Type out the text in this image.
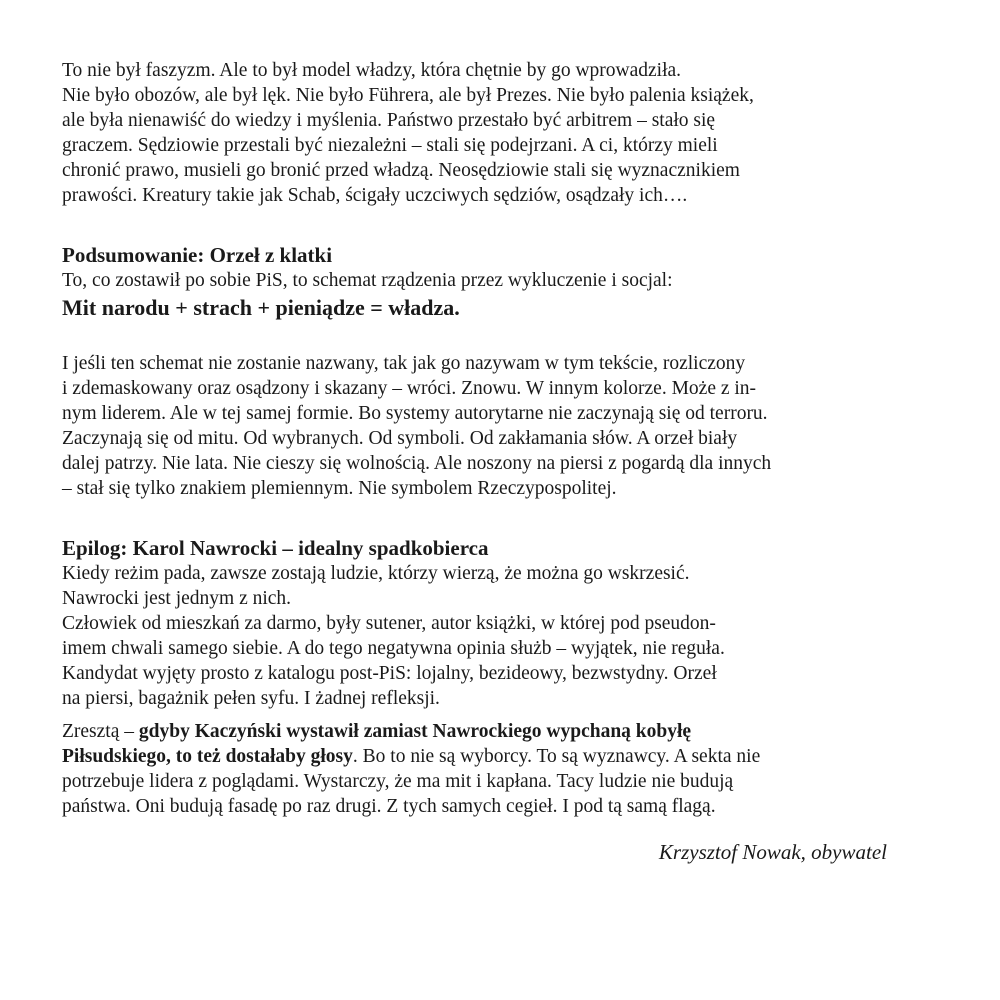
To nie był faszyzm. Ale to był model władzy, która chętnie by go wprowadziła.
Nie było obozów, ale był lęk. Nie było Führera, ale był Prezes. Nie było palenia książek,
ale była nienawiść do wiedzy i myślenia. Państwo przestało być arbitrem – stało się
graczem. Sędziowie przestali być niezależni – stali się podejrzani. A ci, którzy mieli
chronić prawo, musieli go bronić przed władzą. Neosędziowie stali się wyznacznikiem
prawości. Kreatury takie jak Schab, ścigały uczciwych sędziów, osądzały ich….
Podsumowanie: Orzeł z klatki
To, co zostawił po sobie PiS, to schemat rządzenia przez wykluczenie i socjal:
Mit narodu + strach + pieniądze = władza.
I jeśli ten schemat nie zostanie nazwany, tak jak go nazywam w tym tekście, rozliczony
i zdemaskowany oraz osądzony i skazany – wróci. Znowu. W innym kolorze. Może z in-
nym liderem. Ale w tej samej formie. Bo systemy autorytarne nie zaczynają się od terroru.
Zaczynają się od mitu. Od wybranych. Od symboli. Od zakłamania słów. A orzeł biały
dalej patrzy. Nie lata. Nie cieszy się wolnością. Ale noszony na piersi z pogardą dla innych
– stał się tylko znakiem plemiennym. Nie symbolem Rzeczypospolitej.
Epilog: Karol Nawrocki – idealny spadkobierca
Kiedy reżim pada, zawsze zostają ludzie, którzy wierzą, że można go wskrzesić.
Nawrocki jest jednym z nich.
Człowiek od mieszkań za darmo, były sutener, autor książki, w której pod pseudon-
imem chwali samego siebie. A do tego negatywna opinia służb – wyjątek, nie reguła.
Kandydat wyjęty prosto z katalogu post-PiS: lojalny, bezideowy, bezwstydny. Orzeł
na piersi, bagażnik pełen syfu. I żadnej refleksji.
Zresztą – gdyby Kaczyński wystawił zamiast Nawrockiego wypchaną kobyłę
Piłsudskiego, to też dostałaby głosy. Bo to nie są wyborcy. To są wyznawcy. A sekta nie
potrzebuje lidera z poglądami. Wystarczy, że ma mit i kapłana. Tacy ludzie nie budują
państwa. Oni budują fasadę po raz drugi. Z tych samych cegieł. I pod tą samą flagą.
Krzysztof Nowak, obywatel
